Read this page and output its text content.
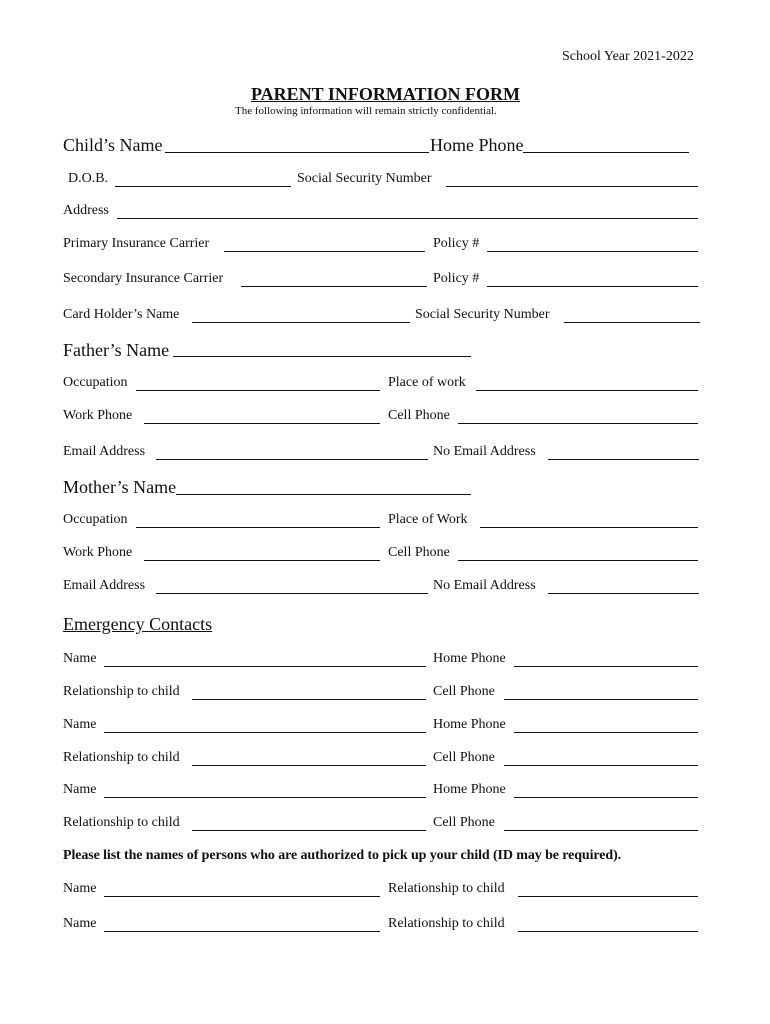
School Year 2021-2022
PARENT INFORMATION FORM
The following information will remain strictly confidential.
Child’s Name	Home Phone
D.O.B.	Social Security Number
Address
Primary Insurance Carrier	Policy #
Secondary Insurance Carrier	Policy #
Card Holder’s Name	Social Security Number
Father’s Name
Occupation	Place of work
Work Phone	Cell Phone
Email Address	No Email Address
Mother’s Name
Occupation	Place of Work
Work Phone	Cell Phone
Email Address	No Email Address
Emergency Contacts
Name	Home Phone
Relationship to child	Cell Phone
Name	Home Phone
Relationship to child	Cell Phone
Name	Home Phone
Relationship to child	Cell Phone
Please list the names of persons who are authorized to pick up your child (ID may be required).
Name	Relationship to child
Name	Relationship to child
